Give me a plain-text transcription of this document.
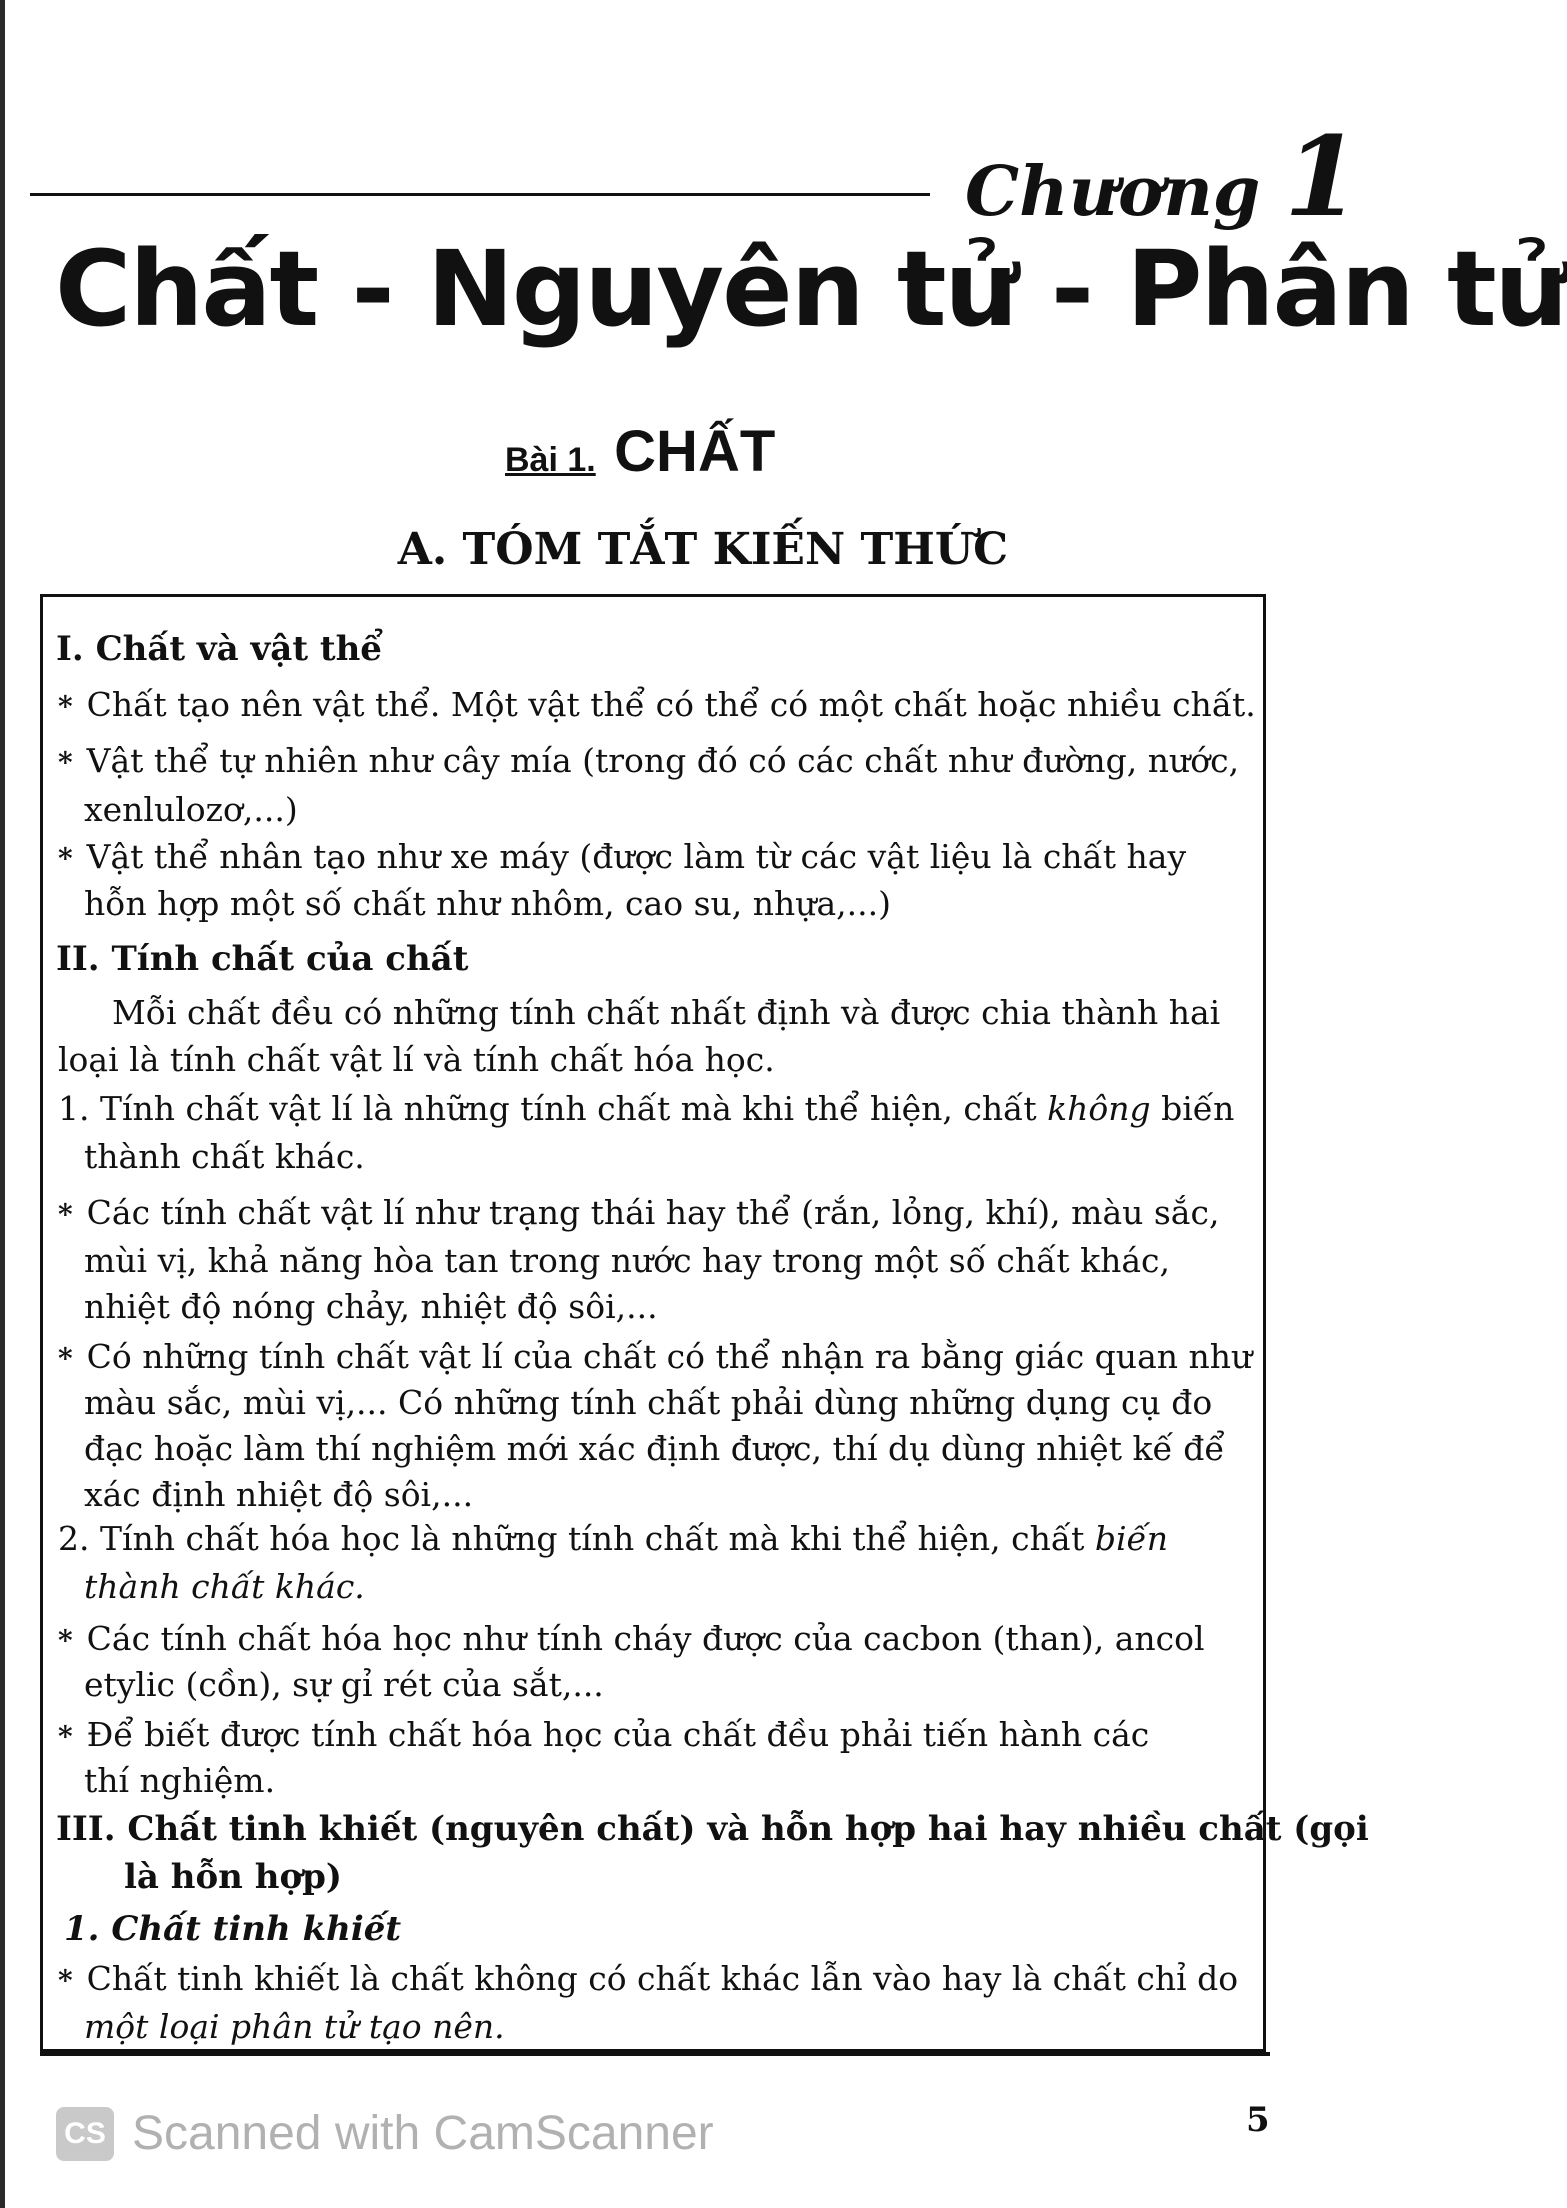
Chương 1
Chất - Nguyên tử - Phân tử
Bài 1. CHẤT
A. TÓM TẮT KIẾN THỨC
I. Chất và vật thể
* Chất tạo nên vật thể. Một vật thể có thể có một chất hoặc nhiều chất.
* Vật thể tự nhiên như cây mía (trong đó có các chất như đường, nước,
xenlulozơ,...)
* Vật thể nhân tạo như xe máy (được làm từ các vật liệu là chất hay
hỗn hợp một số chất như nhôm, cao su, nhựa,...)
II. Tính chất của chất
Mỗi chất đều có những tính chất nhất định và được chia thành hai
loại là tính chất vật lí và tính chất hóa học.
1. Tính chất vật lí là những tính chất mà khi thể hiện, chất không biến
thành chất khác.
* Các tính chất vật lí như trạng thái hay thể (rắn, lỏng, khí), màu sắc,
mùi vị, khả năng hòa tan trong nước hay trong một số chất khác,
nhiệt độ nóng chảy, nhiệt độ sôi,...
* Có những tính chất vật lí của chất có thể nhận ra bằng giác quan như
màu sắc, mùi vị,... Có những tính chất phải dùng những dụng cụ đo
đạc hoặc làm thí nghiệm mới xác định được, thí dụ dùng nhiệt kế để
xác định nhiệt độ sôi,...
2. Tính chất hóa học là những tính chất mà khi thể hiện, chất biến
thành chất khác.
* Các tính chất hóa học như tính cháy được của cacbon (than), ancol
etylic (cồn), sự gỉ rét của sắt,...
* Để biết được tính chất hóa học của chất đều phải tiến hành các
thí nghiệm.
III. Chất tinh khiết (nguyên chất) và hỗn hợp hai hay nhiều chất (gọi
là hỗn hợp)
1. Chất tinh khiết
* Chất tinh khiết là chất không có chất khác lẫn vào hay là chất chỉ do
một loại phân tử tạo nên.
CS Scanned with CamScanner	5
